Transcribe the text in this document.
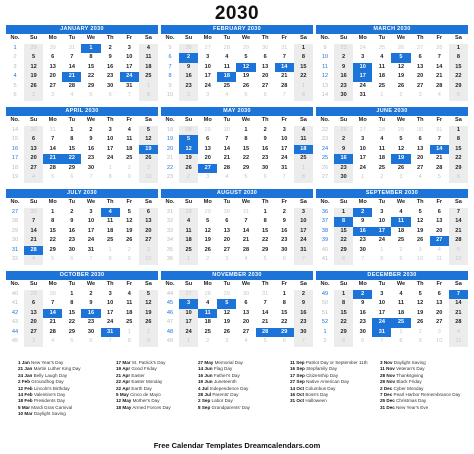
2030
JANUARY 2030
No.	Su	Mo	Tu	We	Th	Fr	Sa
1	29	30	31	1	2	3	4
2	5	6	7	8	9	10	11
3	12	13	14	15	16	17	18
4	19	20	21	22	23	24	25
5	26	27	28	29	30	31	1
6	2	3	4	5	6	7	8
FEBRUARY 2030
No.	Su	Mo	Tu	We	Th	Fr	Sa
5	26	27	28	29	30	31	1
6	2	3	4	5	6	7	8
7	9	10	11	12	13	14	15
8	16	17	18	19	20	21	22
9	23	24	25	26	27	28	1
10	2	3	4	5	6	7	8
MARCH 2030
No.	Su	Mo	Tu	We	Th	Fr	Sa
9	23	24	25	26	27	28	1
10	2	3	4	5	6	7	8
11	9	10	11	12	13	14	15
12	16	17	18	19	20	21	22
13	23	24	25	26	27	28	29
14	30	31	1	2	3	4	5
APRIL 2030
No.	Su	Mo	Tu	We	Th	Fr	Sa
14	30	31	1	2	3	4	5
15	6	7	8	9	10	11	12
16	13	14	15	16	17	18	19
17	20	21	22	23	24	25	26
18	27	28	29	30	1	2	3
19	4	5	6	7	8	9	10
MAY 2030
No.	Su	Mo	Tu	We	Th	Fr	Sa
18	28	29	30	1	2	3	4
19	5	6	7	8	9	10	11
20	12	13	14	15	16	17	18
21	19	20	21	22	23	24	25
22	26	27	28	29	30	31	1
23	2	3	4	5	6	7	8
JUNE 2030
No.	Su	Mo	Tu	We	Th	Fr	Sa
22	26	27	28	29	30	31	1
23	2	3	4	5	6	7	8
24	9	10	11	12	13	14	15
25	16	17	18	19	20	21	22
26	23	24	25	26	27	28	29
27	30	1	2	3	4	5	6
JULY 2030
No.	Su	Mo	Tu	We	Th	Fr	Sa
27	30	1	2	3	4	5	6
28	7	8	9	10	11	12	13
29	14	15	16	17	18	19	20
30	21	22	23	24	25	26	27
31	28	29	30	31	1	2	3
32	4	5	6	7	8	9	10
AUGUST 2030
No.	Su	Mo	Tu	We	Th	Fr	Sa
31	28	29	30	31	1	2	3
32	4	5	6	7	8	9	10
33	11	12	13	14	15	16	17
34	18	19	20	21	22	23	24
35	25	26	27	28	29	30	31
36	1	2	3	4	5	6	7
SEPTEMBER 2030
No.	Su	Mo	Tu	We	Th	Fr	Sa
36	1	2	3	4	5	6	7
37	8	9	10	11	12	13	14
38	15	16	17	18	19	20	21
39	22	23	24	25	26	27	28
40	29	30	1	2	3	4	5
41	6	7	8	9	10	11	12
OCTOBER 2030
No.	Su	Mo	Tu	We	Th	Fr	Sa
40	29	30	1	2	3	4	5
41	6	7	8	9	10	11	12
42	13	14	15	16	17	18	19
43	20	21	22	23	24	25	26
44	27	28	29	30	31	1	2
45	3	4	5	6	7	8	9
NOVEMBER 2030
No.	Su	Mo	Tu	We	Th	Fr	Sa
44	27	28	29	30	31	1	2
45	3	4	5	6	7	8	9
46	10	11	12	13	14	15	16
47	17	18	19	20	21	22	23
48	24	25	26	27	28	29	30
49	1	2	3	4	5	6	7
DECEMBER 2030
No.	Su	Mo	Tu	We	Th	Fr	Sa
49	1	2	3	4	5	6	7
50	8	9	10	11	12	13	14
51	15	16	17	18	19	20	21
52	22	23	24	25	26	27	28
1	29	30	31	1	2	3	4
2	5	6	7	8	9	10	11
1 Jan New Year's Day
21 Jan Martin Luther King Day
24 Jan Belly Laugh Day
2 Feb Groundhog Day
12 Feb Lincoln's Birthday
14 Feb Valentine's Day
18 Feb Presidents Day
5 Mar Mardi Gras Carnival
10 Mar Daylight Saving
17 Mar St. Patrick's Day
19 Apr Good Friday
21 Apr Easter
22 Apr Easter Monday
22 Apr Earth Day
5 May Cinco de Mayo
12 May Mother's Day
18 May Armed Forces Day
27 May Memorial Day
14 Jun Flag Day
16 Jun Father's Day
19 Jun Juneteenth
4 Jul Independence Day
28 Jul Parents' Day
2 Sep Labor Day
8 Sep Grandparents' Day
11 Sep Patriot Day or September 11th
16 Sep Stepfamily Day
17 Sep Citizenship Day
27 Sep Native American Day
14 Oct Columbus Day
16 Oct Boss's Day
31 Oct Halloween
3 Nov Daylight Saving
11 Nov Veteran's Day
28 Nov Thanksgiving
29 Nov Black Friday
2 Dec Cyber Monday
7 Dec Pearl Harbor Remembrance Day
25 Dec Christmas Day
31 Dec New Year's Eve
Free Calendar Templates Dreamcalendars.com
